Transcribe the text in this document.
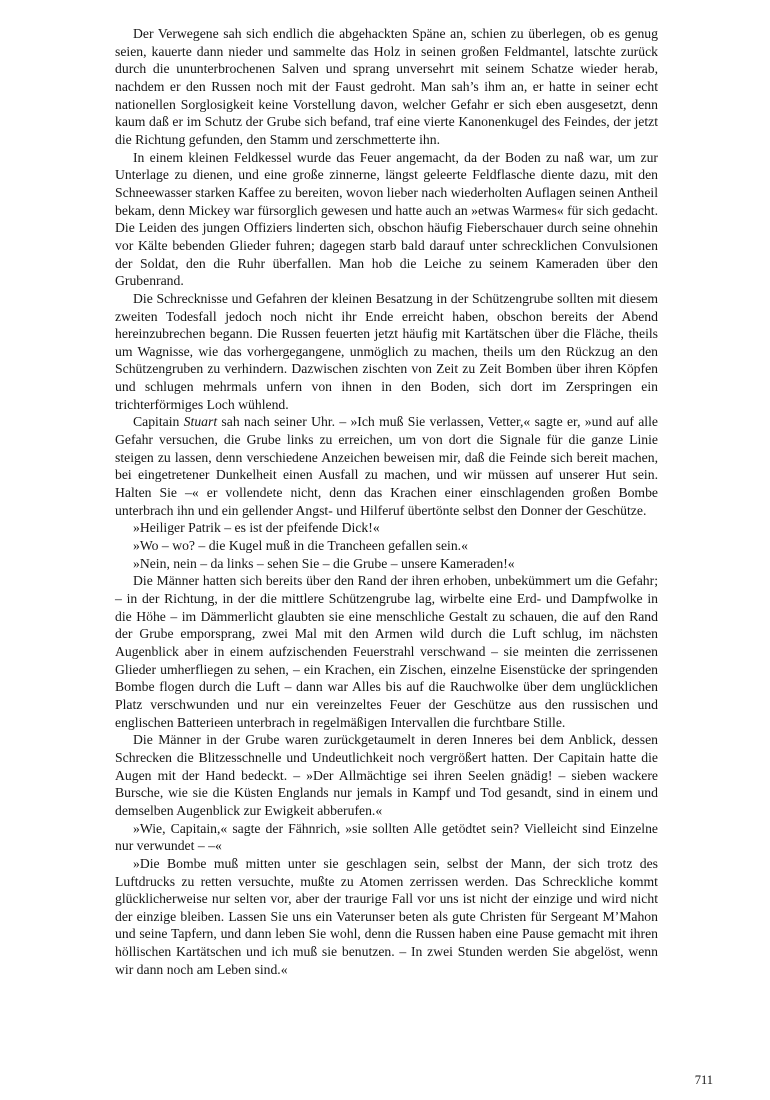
Der Verwegene sah sich endlich die abgehackten Späne an, schien zu überlegen, ob es genug seien, kauerte dann nieder und sammelte das Holz in seinen großen Feldmantel, latschte zurück durch die ununterbrochenen Salven und sprang unversehrt mit seinem Schatze wieder herab, nachdem er den Russen noch mit der Faust gedroht. Man sah’s ihm an, er hatte in seiner echt nationellen Sorglosigkeit keine Vorstellung davon, welcher Gefahr er sich eben ausgesetzt, denn kaum daß er im Schutz der Grube sich befand, traf eine vierte Kanonenkugel des Feindes, der jetzt die Richtung gefunden, den Stamm und zerschmetterte ihn.

In einem kleinen Feldkessel wurde das Feuer angemacht, da der Boden zu naß war, um zur Unterlage zu dienen, und eine große zinnerne, längst geleerte Feldflasche diente dazu, mit den Schneewasser starken Kaffee zu bereiten, wovon lieber nach wiederholten Auflagen seinen Antheil bekam, denn Mickey war fürsorglich gewesen und hatte auch an »etwas Warmes« für sich gedacht. Die Leiden des jungen Offiziers linderten sich, obschon häufig Fieberschauer durch seine ohnehin vor Kälte bebenden Glieder fuhren; dagegen starb bald darauf unter schrecklichen Convulsionen der Soldat, den die Ruhr überfallen. Man hob die Leiche zu seinem Kameraden über den Grubenrand.

Die Schrecknisse und Gefahren der kleinen Besatzung in der Schützengrube sollten mit diesem zweiten Todesfall jedoch noch nicht ihr Ende erreicht haben, obschon bereits der Abend hereinzubrechen begann. Die Russen feuerten jetzt häufig mit Kartätschen über die Fläche, theils um Wagnisse, wie das vorhergegangene, unmöglich zu machen, theils um den Rückzug an den Schützengruben zu verhindern. Dazwischen zischten von Zeit zu Zeit Bomben über ihren Köpfen und schlugen mehrmals unfern von ihnen in den Boden, sich dort im Zerspringen ein trichterförmiges Loch wühlend.

Capitain Stuart sah nach seiner Uhr. – »Ich muß Sie verlassen, Vetter,« sagte er, »und auf alle Gefahr versuchen, die Grube links zu erreichen, um von dort die Signale für die ganze Linie steigen zu lassen, denn verschiedene Anzeichen beweisen mir, daß die Feinde sich bereit machen, bei eingetretener Dunkelheit einen Ausfall zu machen, und wir müssen auf unserer Hut sein. Halten Sie –« er vollendete nicht, denn das Krachen einer einschlagenden großen Bombe unterbrach ihn und ein gellender Angst- und Hilferuf übertönte selbst den Donner der Geschütze.

»Heiliger Patrik – es ist der pfeifende Dick!«

»Wo – wo? – die Kugel muß in die Trancheen gefallen sein.«

»Nein, nein – da links – sehen Sie – die Grube – unsere Kameraden!«

Die Männer hatten sich bereits über den Rand der ihren erhoben, unbekümmert um die Gefahr; – in der Richtung, in der die mittlere Schützengrube lag, wirbelte eine Erd- und Dampfwolke in die Höhe – im Dämmerlicht glaubten sie eine menschliche Gestalt zu schauen, die auf den Rand der Grube emporsprang, zwei Mal mit den Armen wild durch die Luft schlug, im nächsten Augenblick aber in einem aufzischenden Feuerstrahl verschwand – sie meinten die zerrissenen Glieder umherfliegen zu sehen, – ein Krachen, ein Zischen, einzelne Eisenstücke der springenden Bombe flogen durch die Luft – dann war Alles bis auf die Rauchwolke über dem unglücklichen Platz verschwunden und nur ein vereinzeltes Feuer der Geschütze aus den russischen und englischen Batterieen unterbrach in regelmäßigen Intervallen die furchtbare Stille.

Die Männer in der Grube waren zurückgetaumelt in deren Inneres bei dem Anblick, dessen Schrecken die Blitzesschnelle und Undeutlichkeit noch vergrößert hatten. Der Capitain hatte die Augen mit der Hand bedeckt. – »Der Allmächtige sei ihren Seelen gnädig! – sieben wackere Bursche, wie sie die Küsten Englands nur jemals in Kampf und Tod gesandt, sind in einem und demselben Augenblick zur Ewigkeit abberufen.«

»Wie, Capitain,« sagte der Fähnrich, »sie sollten Alle getödtet sein? Vielleicht sind Einzelne nur verwundet – –«

»Die Bombe muß mitten unter sie geschlagen sein, selbst der Mann, der sich trotz des Luftdrucks zu retten versuchte, mußte zu Atomen zerrissen werden. Das Schreckliche kommt glücklicherweise nur selten vor, aber der traurige Fall vor uns ist nicht der einzige und wird nicht der einzige bleiben. Lassen Sie uns ein Vaterunser beten als gute Christen für Sergeant M’Mahon und seine Tapfern, und dann leben Sie wohl, denn die Russen haben eine Pause gemacht mit ihren höllischen Kartätschen und ich muß sie benutzen. – In zwei Stunden werden Sie abgelöst, wenn wir dann noch am Leben sind.«

711
